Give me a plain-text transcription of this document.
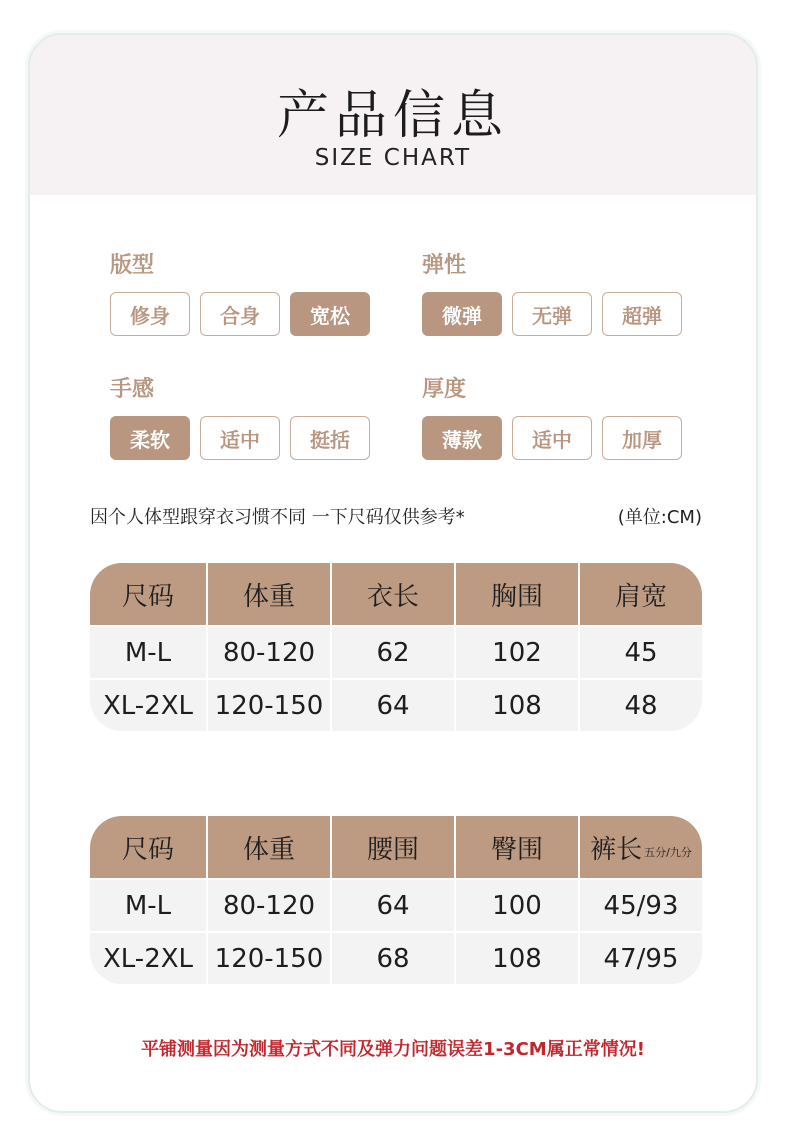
产品信息
SIZE CHART
版型
修身	合身	宽松
弹性
微弹	无弹	超弹
手感
柔软	适中	挺括
厚度
薄款	适中	加厚
因个人体型跟穿衣习惯不同 一下尺码仅供参考*	(单位:CM)
尺码	体重	衣长	胸围	肩宽
M-L	80-120	62	102	45
XL-2XL 120-150	64	108	48
尺码	体重	腰围	臀围	裤长 五分/九分
M-L	80-120	64	100	45/93
XL-2XL 120-150	68	108	47/95
平铺测量因为测量方式不同及弹力问题误差1-3CM属正常情况!
